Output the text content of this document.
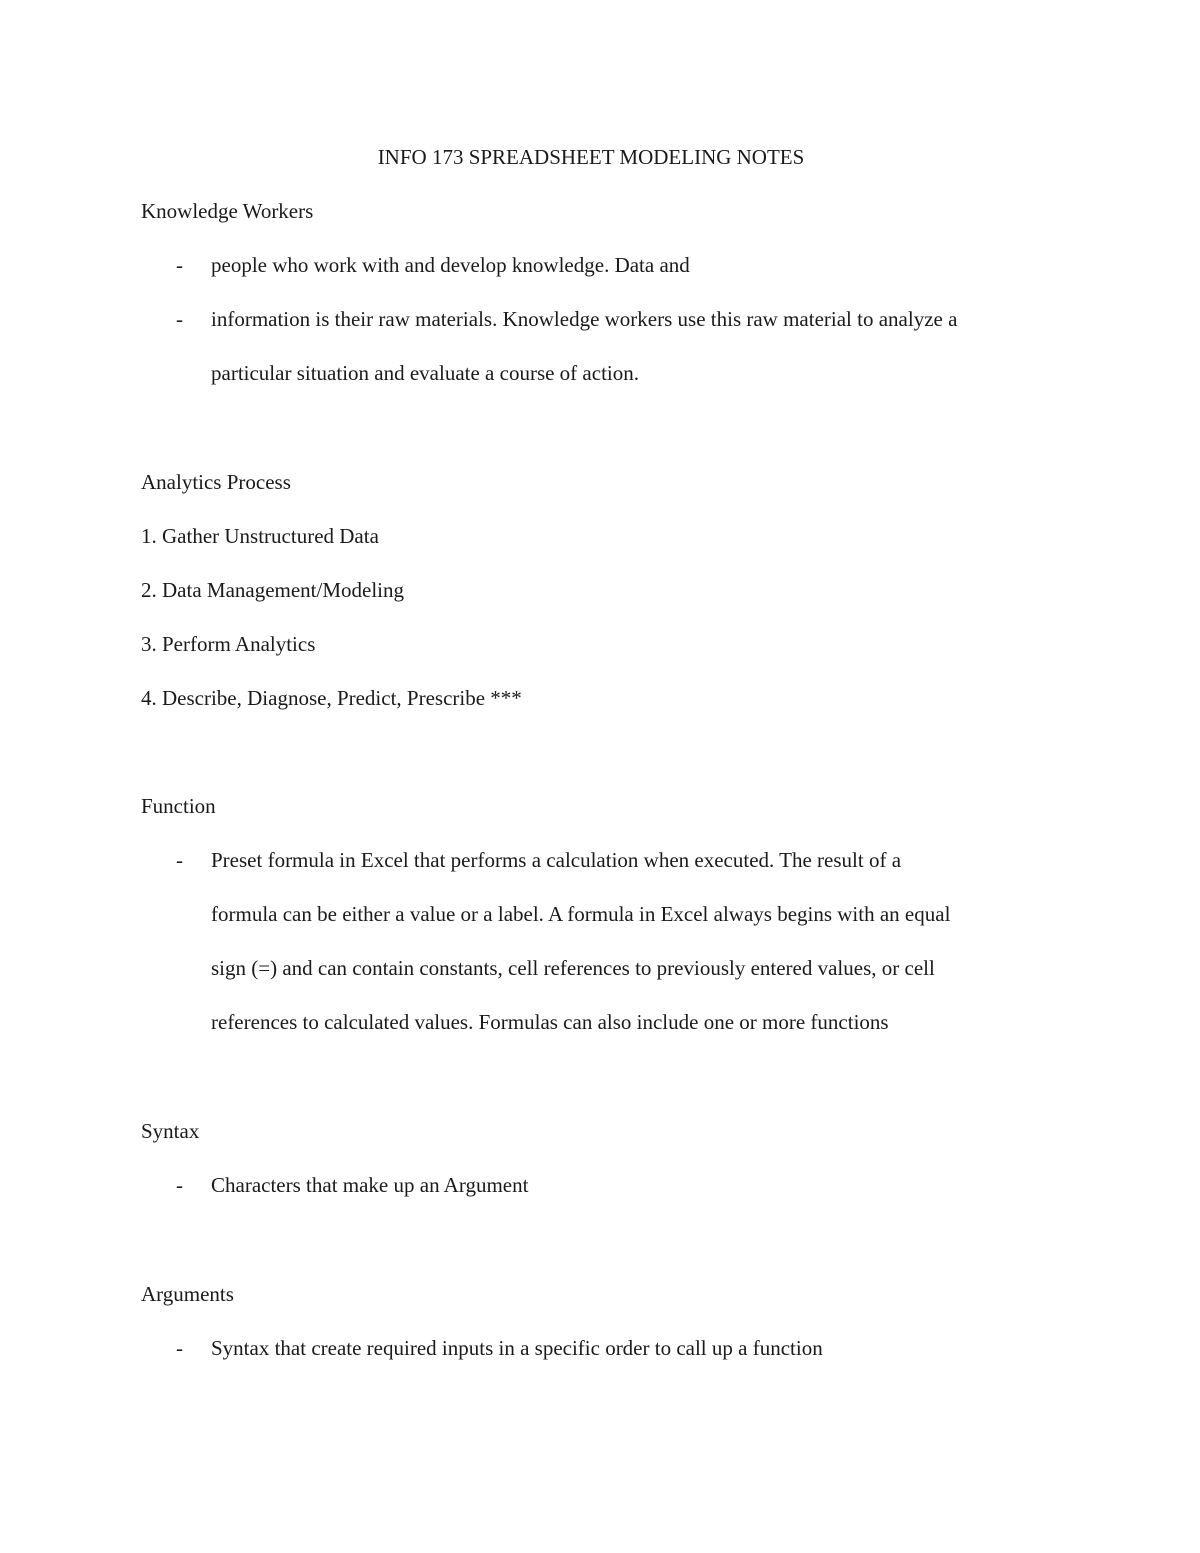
INFO 173 SPREADSHEET MODELING NOTES
Knowledge Workers
- people who work with and develop knowledge. Data and
- information is their raw materials. Knowledge workers use this raw material to analyze a
particular situation and evaluate a course of action.
Analytics Process
1. Gather Unstructured Data
2. Data Management/Modeling
3. Perform Analytics
4. Describe, Diagnose, Predict, Prescribe ***
Function
- Preset formula in Excel that performs a calculation when executed. The result of a
formula can be either a value or a label. A formula in Excel always begins with an equal
sign (=) and can contain constants, cell references to previously entered values, or cell
references to calculated values. Formulas can also include one or more functions
Syntax
- Characters that make up an Argument
Arguments
- Syntax that create required inputs in a specific order to call up a function
